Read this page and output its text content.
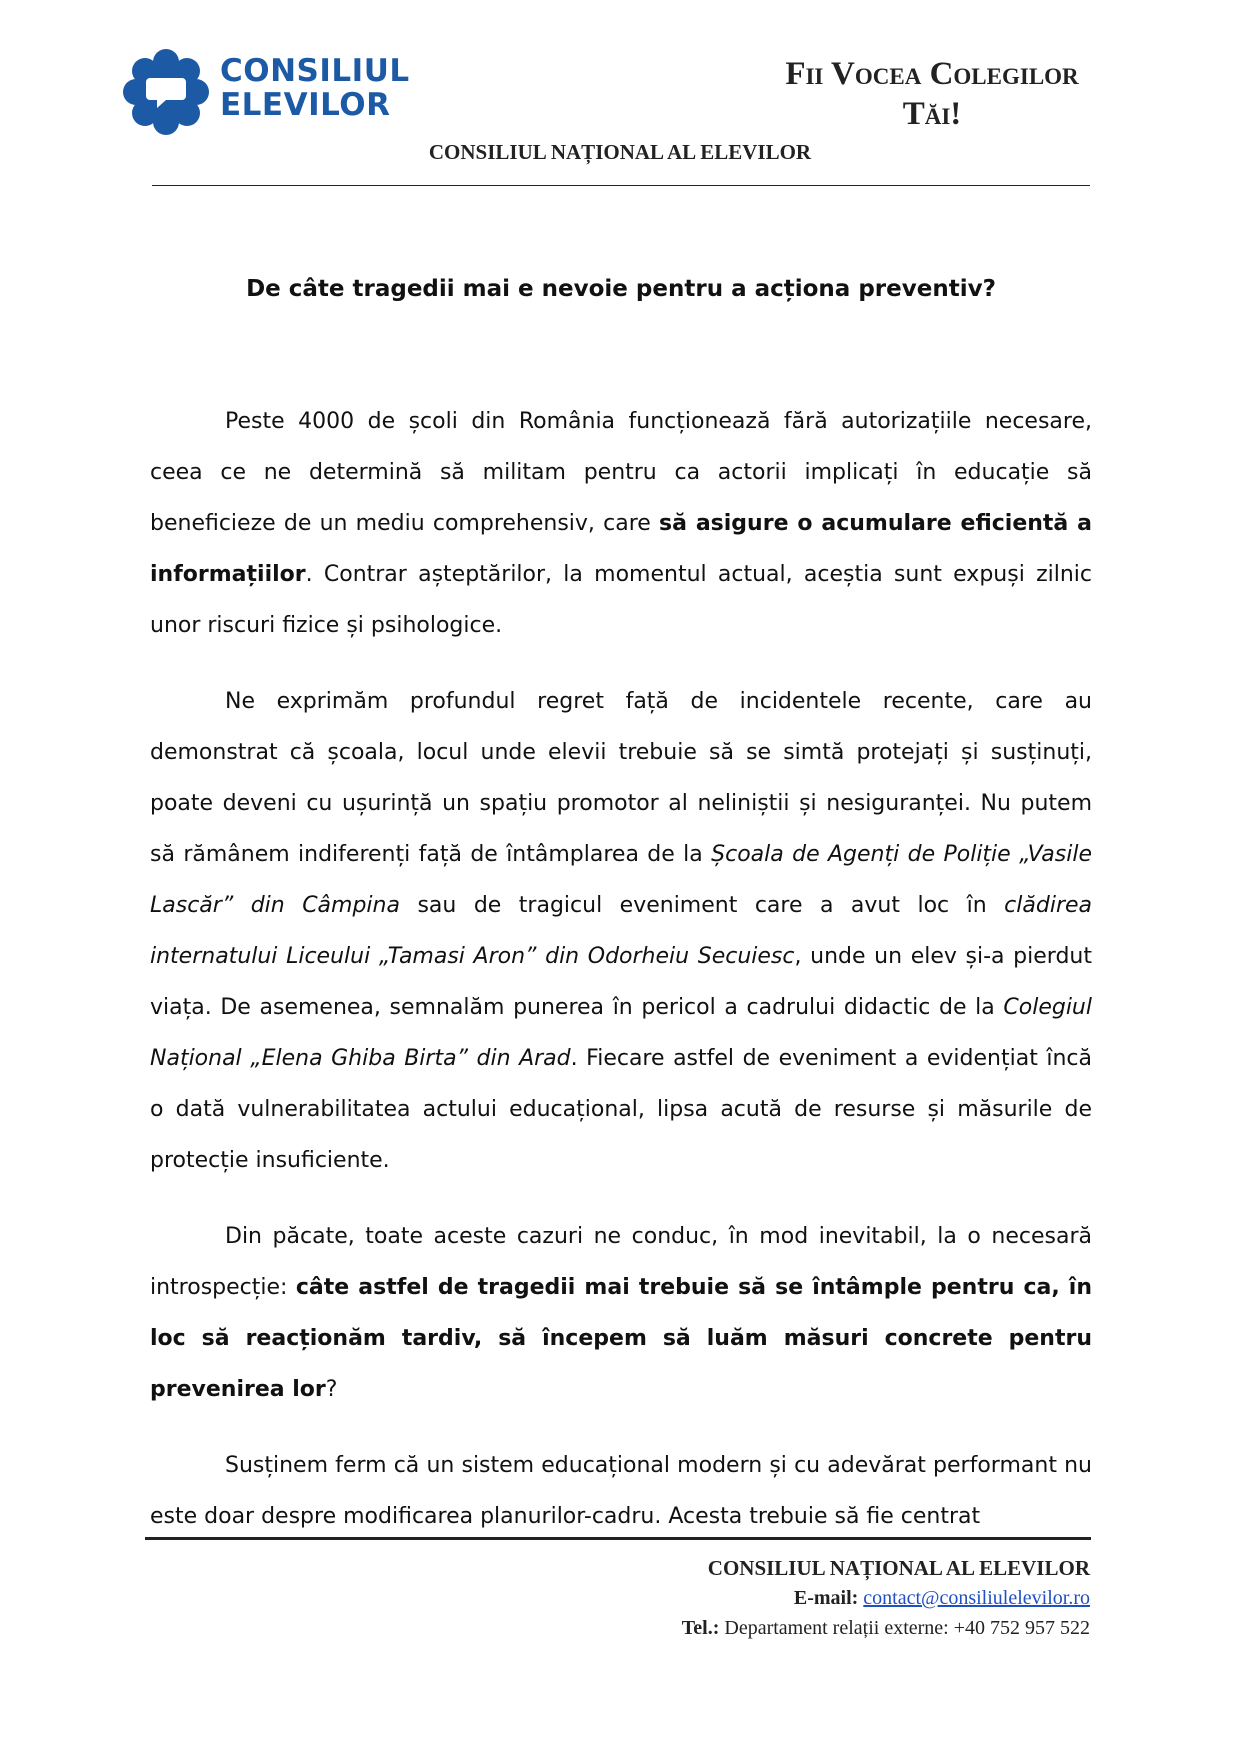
CONSILIUL
ELEVILOR
Fii Vocea Colegilor
Tăi!
CONSILIUL NAȚIONAL AL ELEVILOR
De câte tragedii mai e nevoie pentru a acționa preventiv?

Peste 4000 de școli din România funcționează fără autorizațiile necesare, ceea ce ne determină să militam pentru ca actorii implicați în educație să beneficieze de un mediu comprehensiv, care să asigure o acumulare eficientă a informațiilor. Contrar așteptărilor, la momentul actual, aceștia sunt expuși zilnic unor riscuri fizice și psihologice.

Ne exprimăm profundul regret față de incidentele recente, care au demonstrat că școala, locul unde elevii trebuie să se simtă protejați și susținuți, poate deveni cu ușurință un spațiu promotor al neliniștii și nesiguranței. Nu putem să rămânem indiferenți față de întâmplarea de la Școala de Agenți de Poliție „Vasile Lascăr” din Câmpina sau de tragicul eveniment care a avut loc în clădirea internatului Liceului „Tamasi Aron” din Odorheiu Secuiesc, unde un elev și-a pierdut viața. De asemenea, semnalăm punerea în pericol a cadrului didactic de la Colegiul Național „Elena Ghiba Birta” din Arad. Fiecare astfel de eveniment a evidențiat încă o dată vulnerabilitatea actului educațional, lipsa acută de resurse și măsurile de protecție insuficiente.

Din păcate, toate aceste cazuri ne conduc, în mod inevitabil, la o necesară introspecție: câte astfel de tragedii mai trebuie să se întâmple pentru ca, în loc să reacționăm tardiv, să începem să luăm măsuri concrete pentru prevenirea lor?

Susținem ferm că un sistem educațional modern și cu adevărat performant nu este doar despre modificarea planurilor-cadru. Acesta trebuie să fie centrat

CONSILIUL NAȚIONAL AL ELEVILOR
E-mail: contact@consiliulelevilor.ro
Tel.: Departament relații externe: +40 752 957 522
